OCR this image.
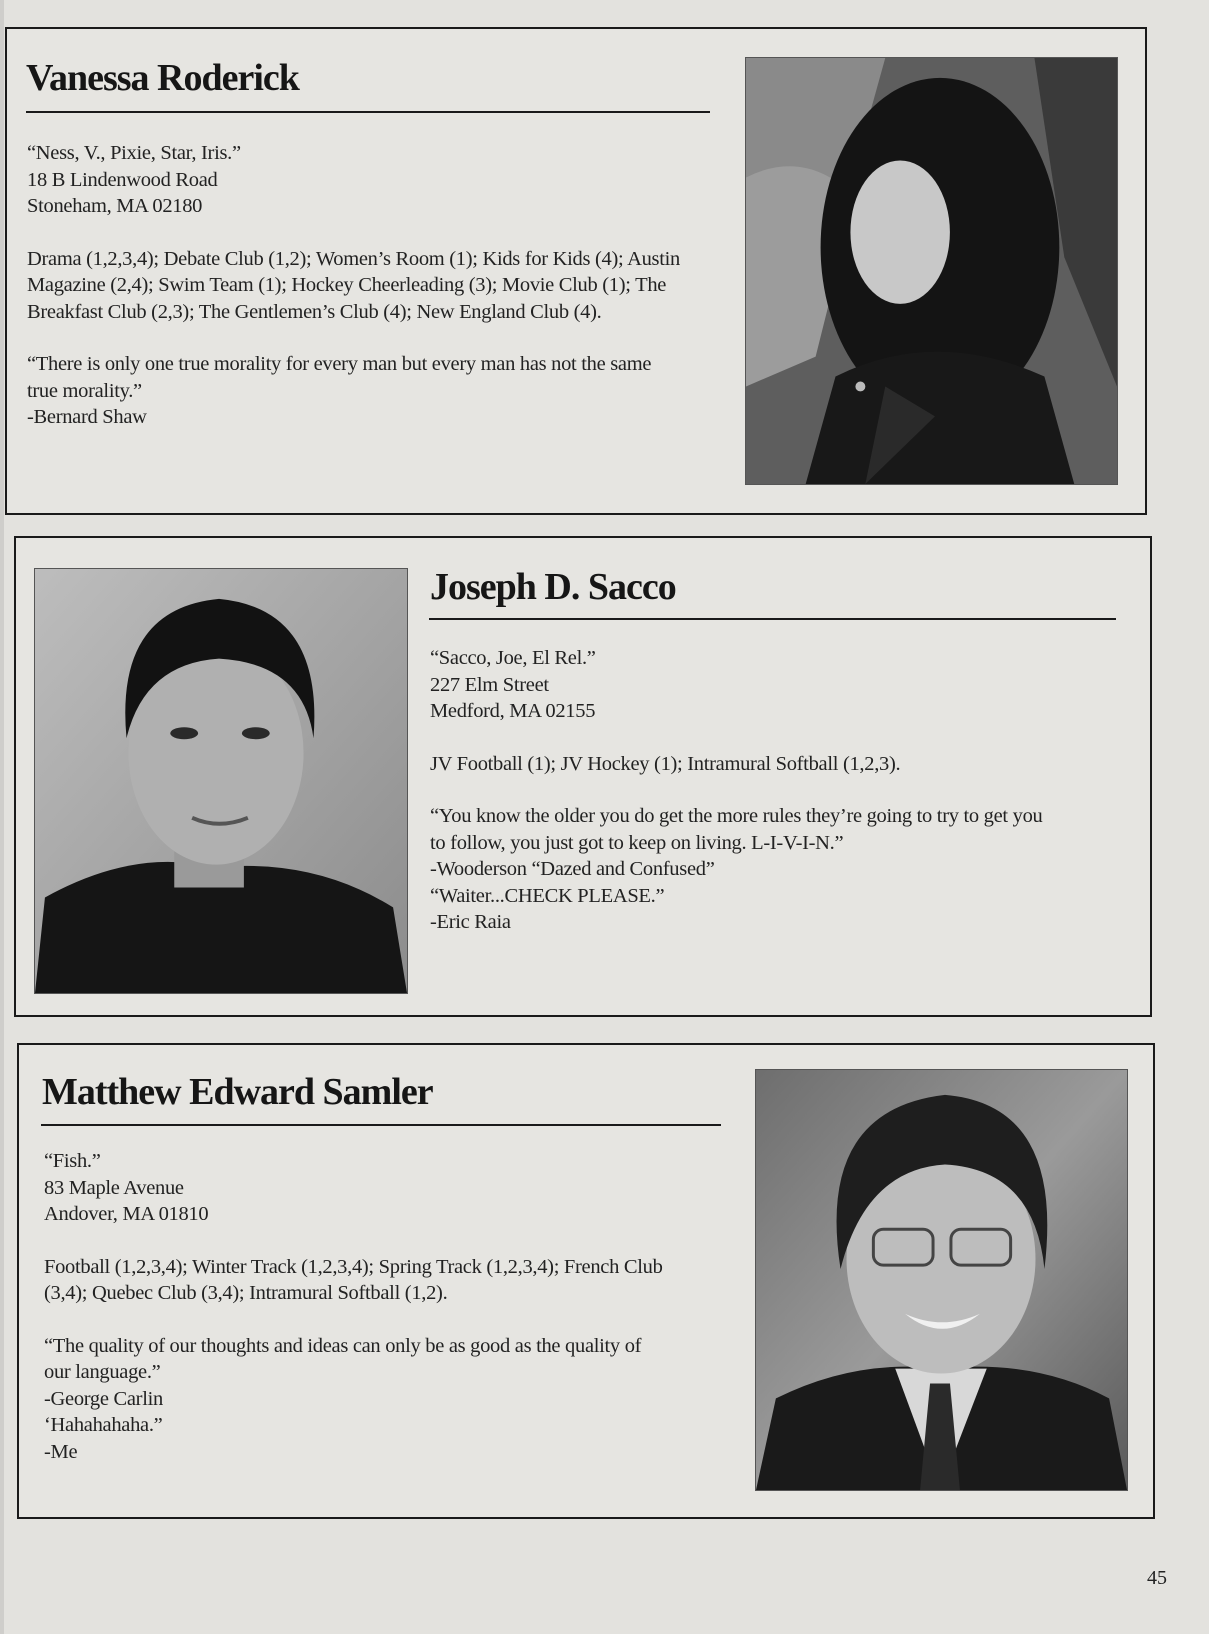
Vanessa Roderick

“Ness, V., Pixie, Star, Iris.”

18 B Lindenwood Road

Stoneham, MA 02180

Drama (1,2,3,4); Debate Club (1,2); Women’s Room (1); Kids for Kids (4); Austin

Magazine (2,4); Swim Team (1); Hockey Cheerleading (3); Movie Club (1); The

Breakfast Club (2,3); The Gentlemen’s Club (4); New England Club (4).

“There is only one true morality for every man but every man has not the same

true morality.”

-Bernard Shaw

Joseph D. Sacco

“Sacco, Joe, El Rel.”

227 Elm Street

Medford, MA 02155

JV Football (1); JV Hockey (1); Intramural Softball (1,2,3).

“You know the older you do get the more rules they’re going to try to get you

to follow, you just got to keep on living. L-I-V-I-N.”

-Wooderson “Dazed and Confused”

“Waiter...CHECK PLEASE.”

-Eric Raia

Matthew Edward Samler

“Fish.”

83 Maple Avenue

Andover, MA 01810

Football (1,2,3,4); Winter Track (1,2,3,4); Spring Track (1,2,3,4); French Club

(3,4); Quebec Club (3,4); Intramural Softball (1,2).

“The quality of our thoughts and ideas can only be as good as the quality of

our language.”

-George Carlin

‘Hahahahaha.”

-Me

45
